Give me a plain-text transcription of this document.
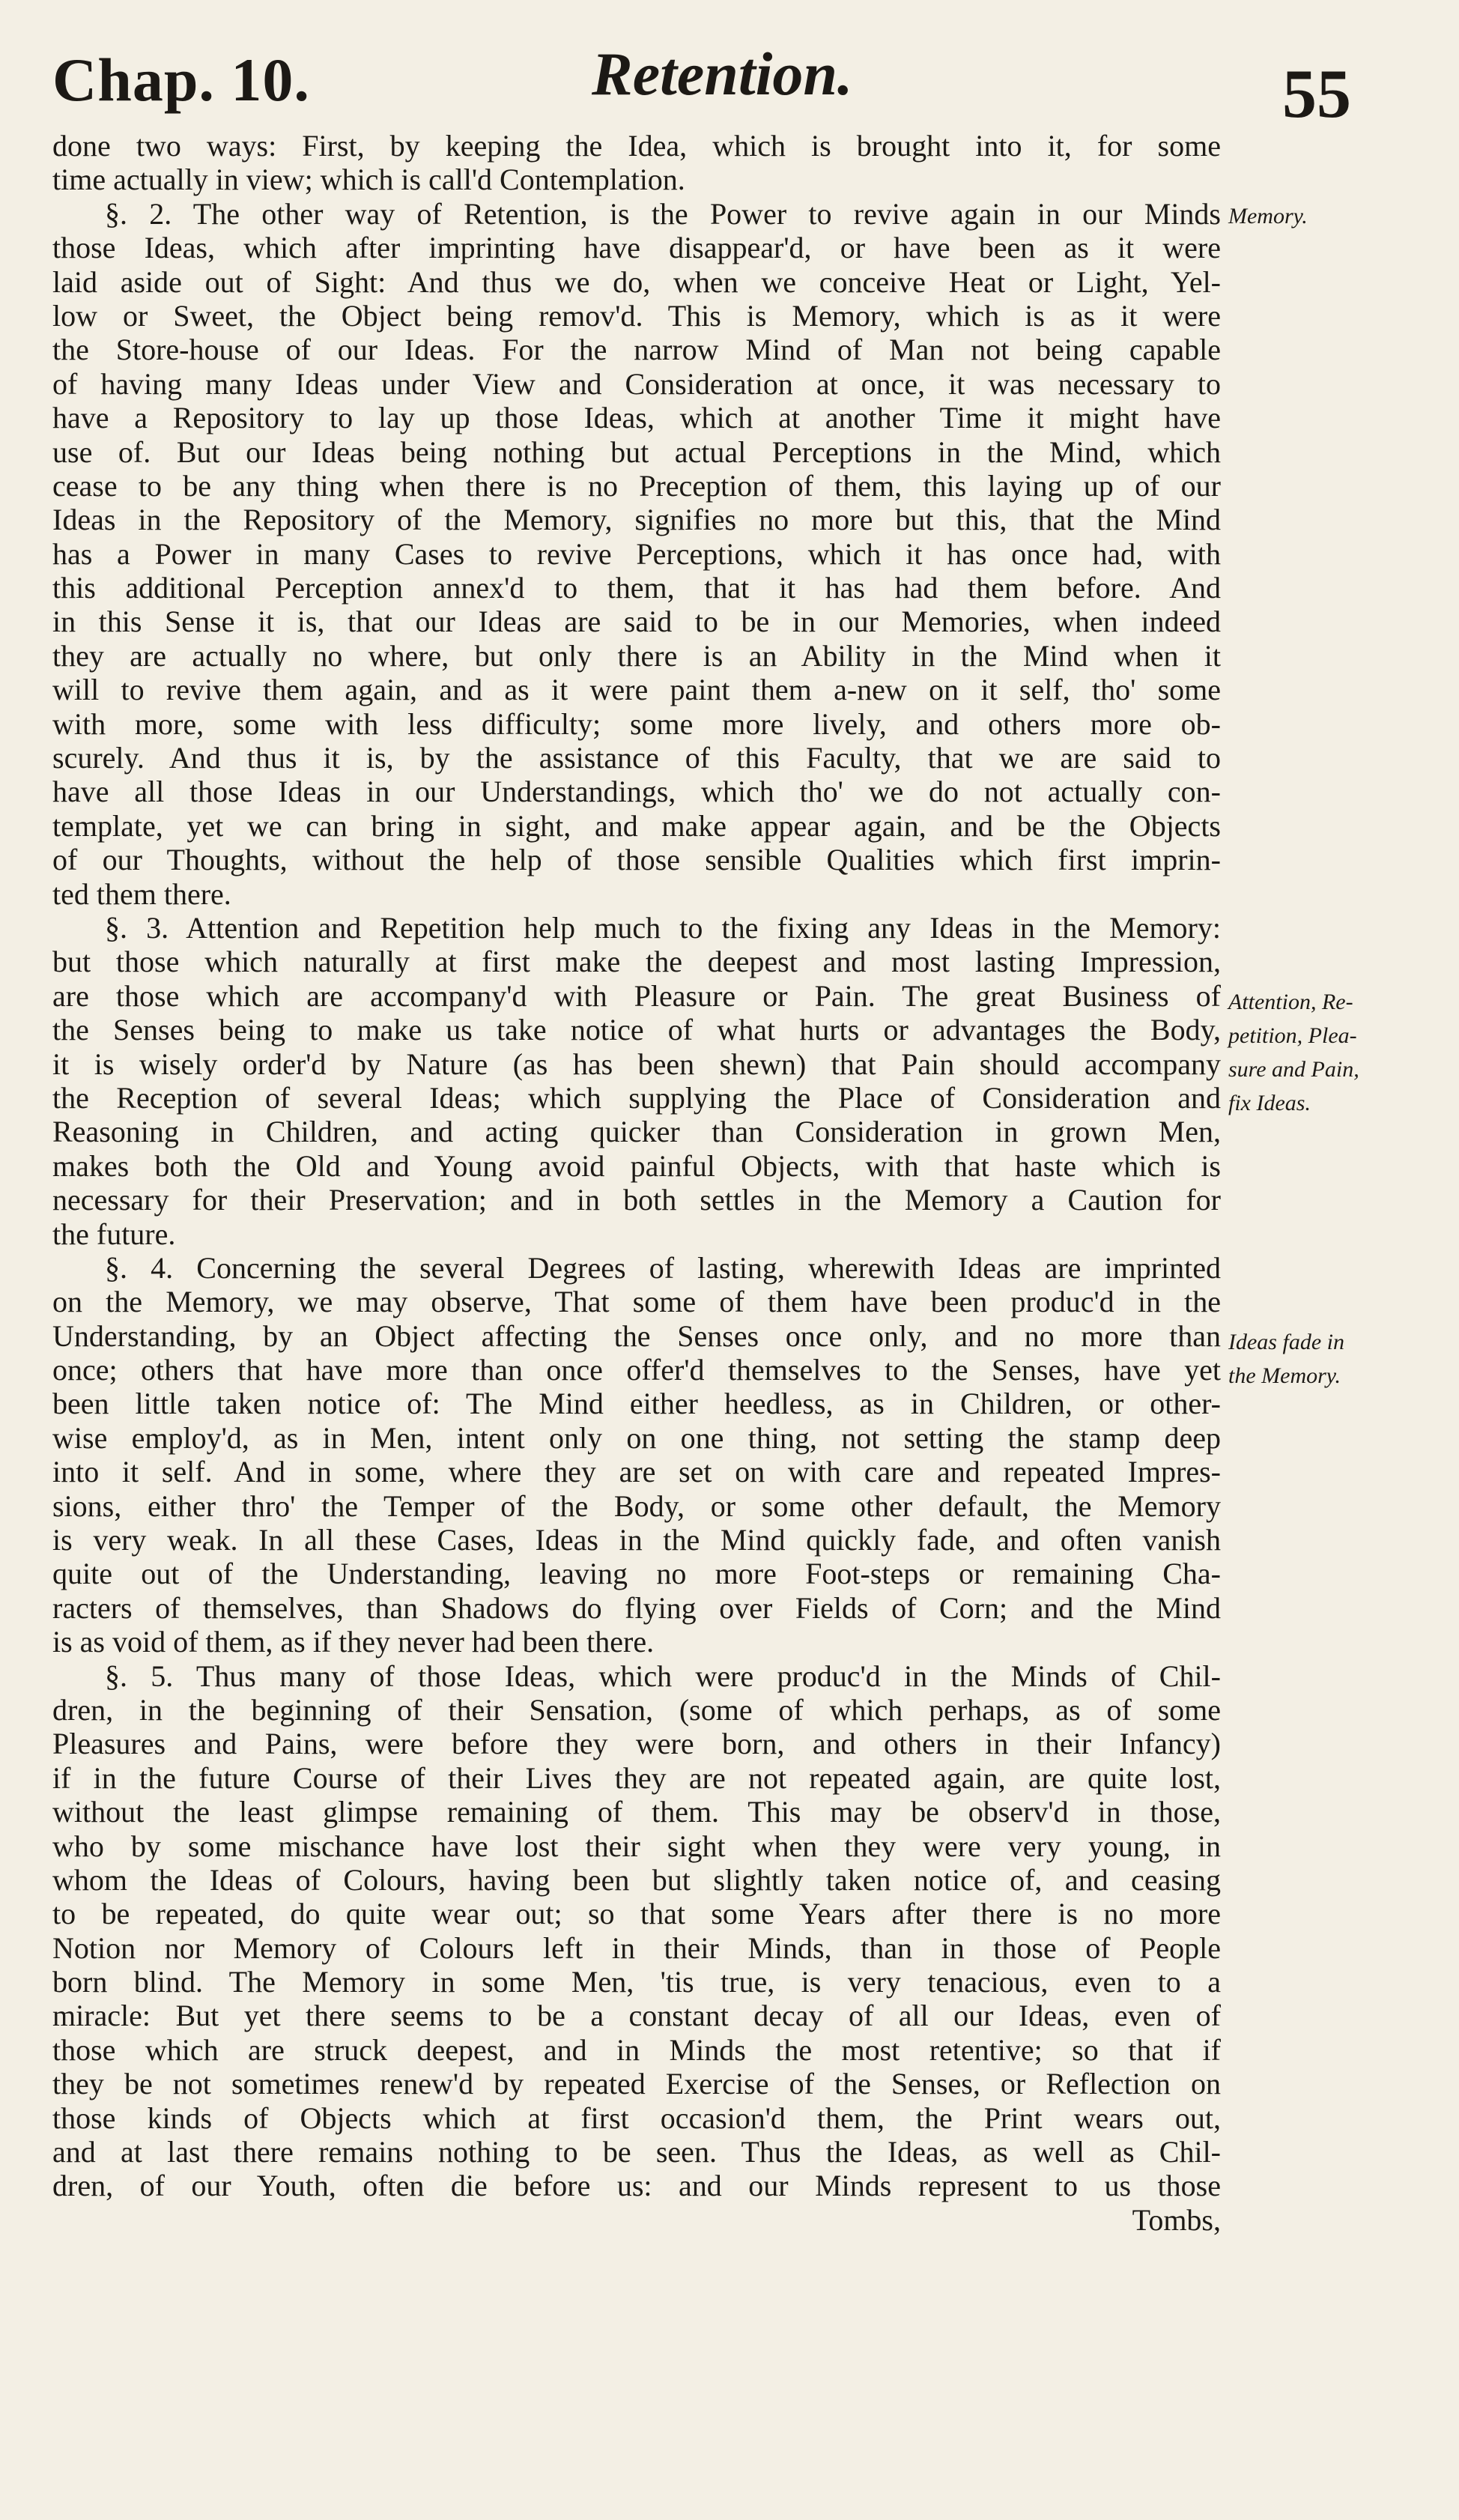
Chap. 10.	Retention.	55
done two ways: First, by keeping the Idea, which is brought into it, for some
time actually in view; which is call'd Contemplation.
§. 2. The other way of Retention, is the Power to revive again in our Minds
those Ideas, which after imprinting have disappear'd, or have been as it were
laid aside out of Sight: And thus we do, when we conceive Heat or Light, Yel-
low or Sweet, the Object being remov'd. This is Memory, which is as it were
the Store-house of our Ideas. For the narrow Mind of Man not being capable
of having many Ideas under View and Consideration at once, it was necessary to
have a Repository to lay up those Ideas, which at another Time it might have
use of. But our Ideas being nothing but actual Perceptions in the Mind, which
cease to be any thing when there is no Preception of them, this laying up of our
Ideas in the Repository of the Memory, signifies no more but this, that the Mind
has a Power in many Cases to revive Perceptions, which it has once had, with
this additional Perception annex'd to them, that it has had them before. And
in this Sense it is, that our Ideas are said to be in our Memories, when indeed
they are actually no where, but only there is an Ability in the Mind when it
will to revive them again, and as it were paint them a-new on it self, tho' some
with more, some with less difficulty; some more lively, and others more ob-
scurely. And thus it is, by the assistance of this Faculty, that we are said to
have all those Ideas in our Understandings, which tho' we do not actually con-
template, yet we can bring in sight, and make appear again, and be the Objects
of our Thoughts, without the help of those sensible Qualities which first imprin-
ted them there.
§. 3. Attention and Repetition help much to the fixing any Ideas in the Memory:
but those which naturally at first make the deepest and most lasting Impression,
are those which are accompany'd with Pleasure or Pain. The great Business of
the Senses being to make us take notice of what hurts or advantages the Body,
it is wisely order'd by Nature (as has been shewn) that Pain should accompany
the Reception of several Ideas; which supplying the Place of Consideration and
Reasoning in Children, and acting quicker than Consideration in grown Men,
makes both the Old and Young avoid painful Objects, with that haste which is
necessary for their Preservation; and in both settles in the Memory a Caution for
the future.
§. 4. Concerning the several Degrees of lasting, wherewith Ideas are imprinted
on the Memory, we may observe, That some of them have been produc'd in the
Understanding, by an Object affecting the Senses once only, and no more than
once; others that have more than once offer'd themselves to the Senses, have yet
been little taken notice of: The Mind either heedless, as in Children, or other-
wise employ'd, as in Men, intent only on one thing, not setting the stamp deep
into it self. And in some, where they are set on with care and repeated Impres-
sions, either thro' the Temper of the Body, or some other default, the Memory
is very weak. In all these Cases, Ideas in the Mind quickly fade, and often vanish
quite out of the Understanding, leaving no more Foot-steps or remaining Cha-
racters of themselves, than Shadows do flying over Fields of Corn; and the Mind
is as void of them, as if they never had been there.
§. 5. Thus many of those Ideas, which were produc'd in the Minds of Chil-
dren, in the beginning of their Sensation, (some of which perhaps, as of some
Pleasures and Pains, were before they were born, and others in their Infancy)
if in the future Course of their Lives they are not repeated again, are quite lost,
without the least glimpse remaining of them. This may be observ'd in those,
who by some mischance have lost their sight when they were very young, in
whom the Ideas of Colours, having been but slightly taken notice of, and ceasing
to be repeated, do quite wear out; so that some Years after there is no more
Notion nor Memory of Colours left in their Minds, than in those of People
born blind. The Memory in some Men, 'tis true, is very tenacious, even to a
miracle: But yet there seems to be a constant decay of all our Ideas, even of
those which are struck deepest, and in Minds the most retentive; so that if
they be not sometimes renew'd by repeated Exercise of the Senses, or Reflection on
those kinds of Objects which at first occasion'd them, the Print wears out,
and at last there remains nothing to be seen. Thus the Ideas, as well as Chil-
dren, of our Youth, often die before us: and our Minds represent to us those
Tombs,
Memory.
Attention, Re-
petition, Plea-
sure and Pain,
fix Ideas.
Ideas fade in
the Memory.
